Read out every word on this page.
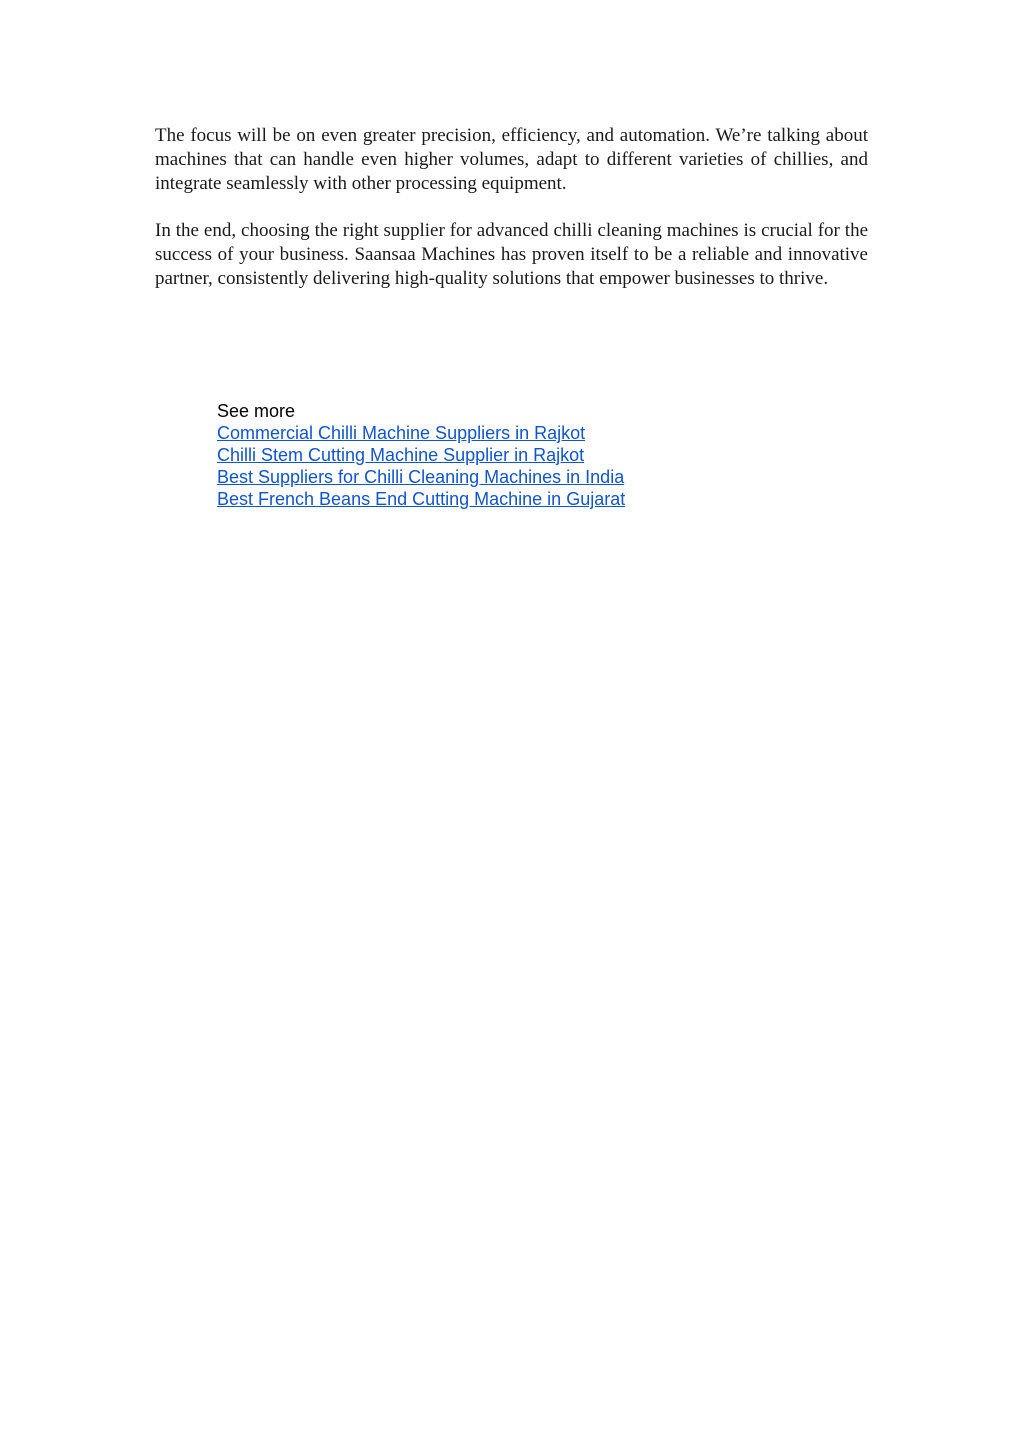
The focus will be on even greater precision, efficiency, and automation. We’re talking about machines that can handle even higher volumes, adapt to different varieties of chillies, and integrate seamlessly with other processing equipment.

In the end, choosing the right supplier for advanced chilli cleaning machines is crucial for the success of your business. Saansaa Machines has proven itself to be a reliable and innovative partner, consistently delivering high-quality solutions that empower businesses to thrive.

See more
Commercial Chilli Machine Suppliers in Rajkot
Chilli Stem Cutting Machine Supplier in Rajkot
Best Suppliers for Chilli Cleaning Machines in India
Best French Beans End Cutting Machine in Gujarat
